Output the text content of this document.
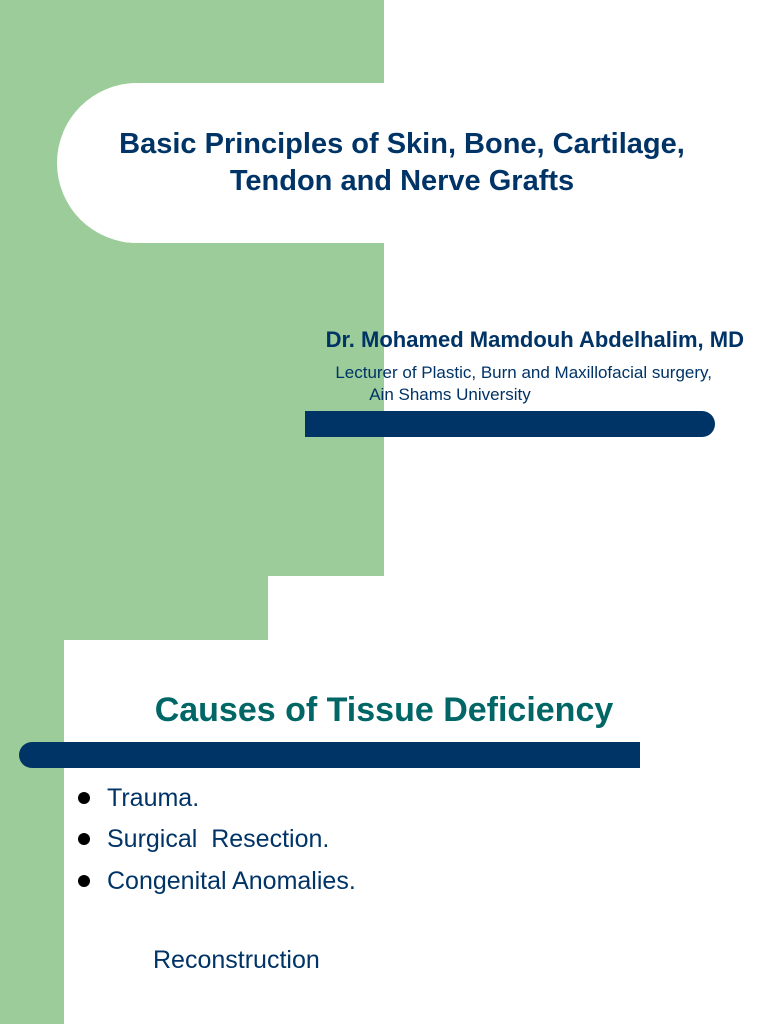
Basic Principles of Skin, Bone, Cartilage,
Tendon and Nerve Grafts
Dr. Mohamed Mamdouh Abdelhalim, MD
Lecturer of Plastic, Burn and Maxillofacial surgery,
Ain Shams University
Causes of Tissue Deficiency
Trauma.
Surgical  Resection.
Congenital Anomalies.
Reconstruction
